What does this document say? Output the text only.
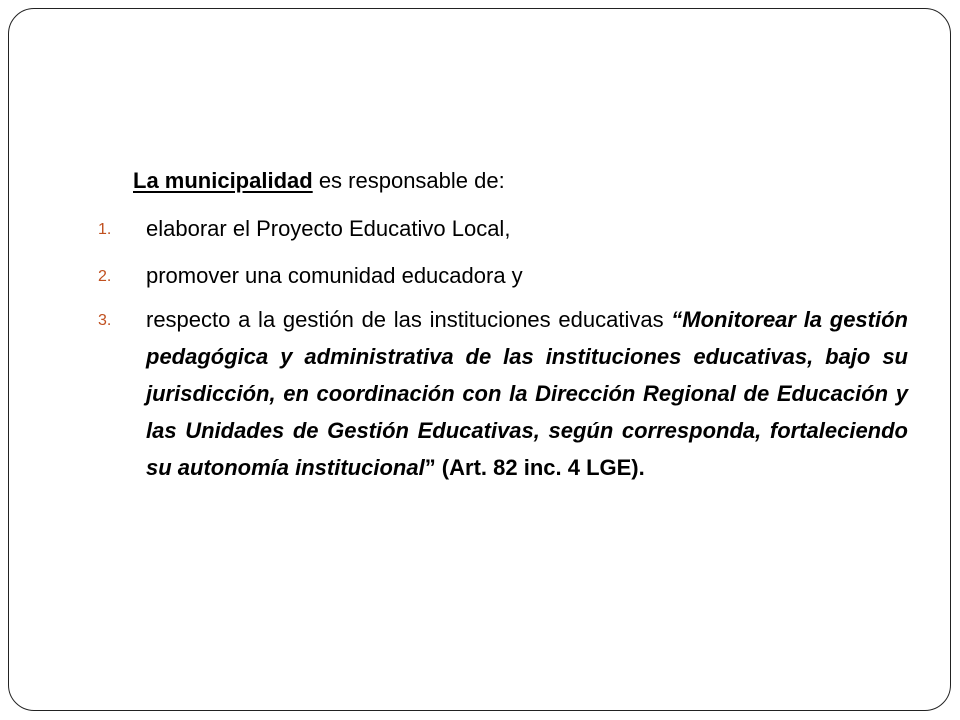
La municipalidad es responsable de:
1.	elaborar el Proyecto Educativo Local,
2.	promover una comunidad educadora y
3.	respecto a la gestión de las instituciones educativas “Monitorear la gestión pedagógica y administrativa de las instituciones educativas, bajo su jurisdicción, en coordinación con la Dirección Regional de Educación y las Unidades de Gestión Educativas, según corresponda, fortaleciendo su autonomía institucional” (Art. 82 inc. 4 LGE).
